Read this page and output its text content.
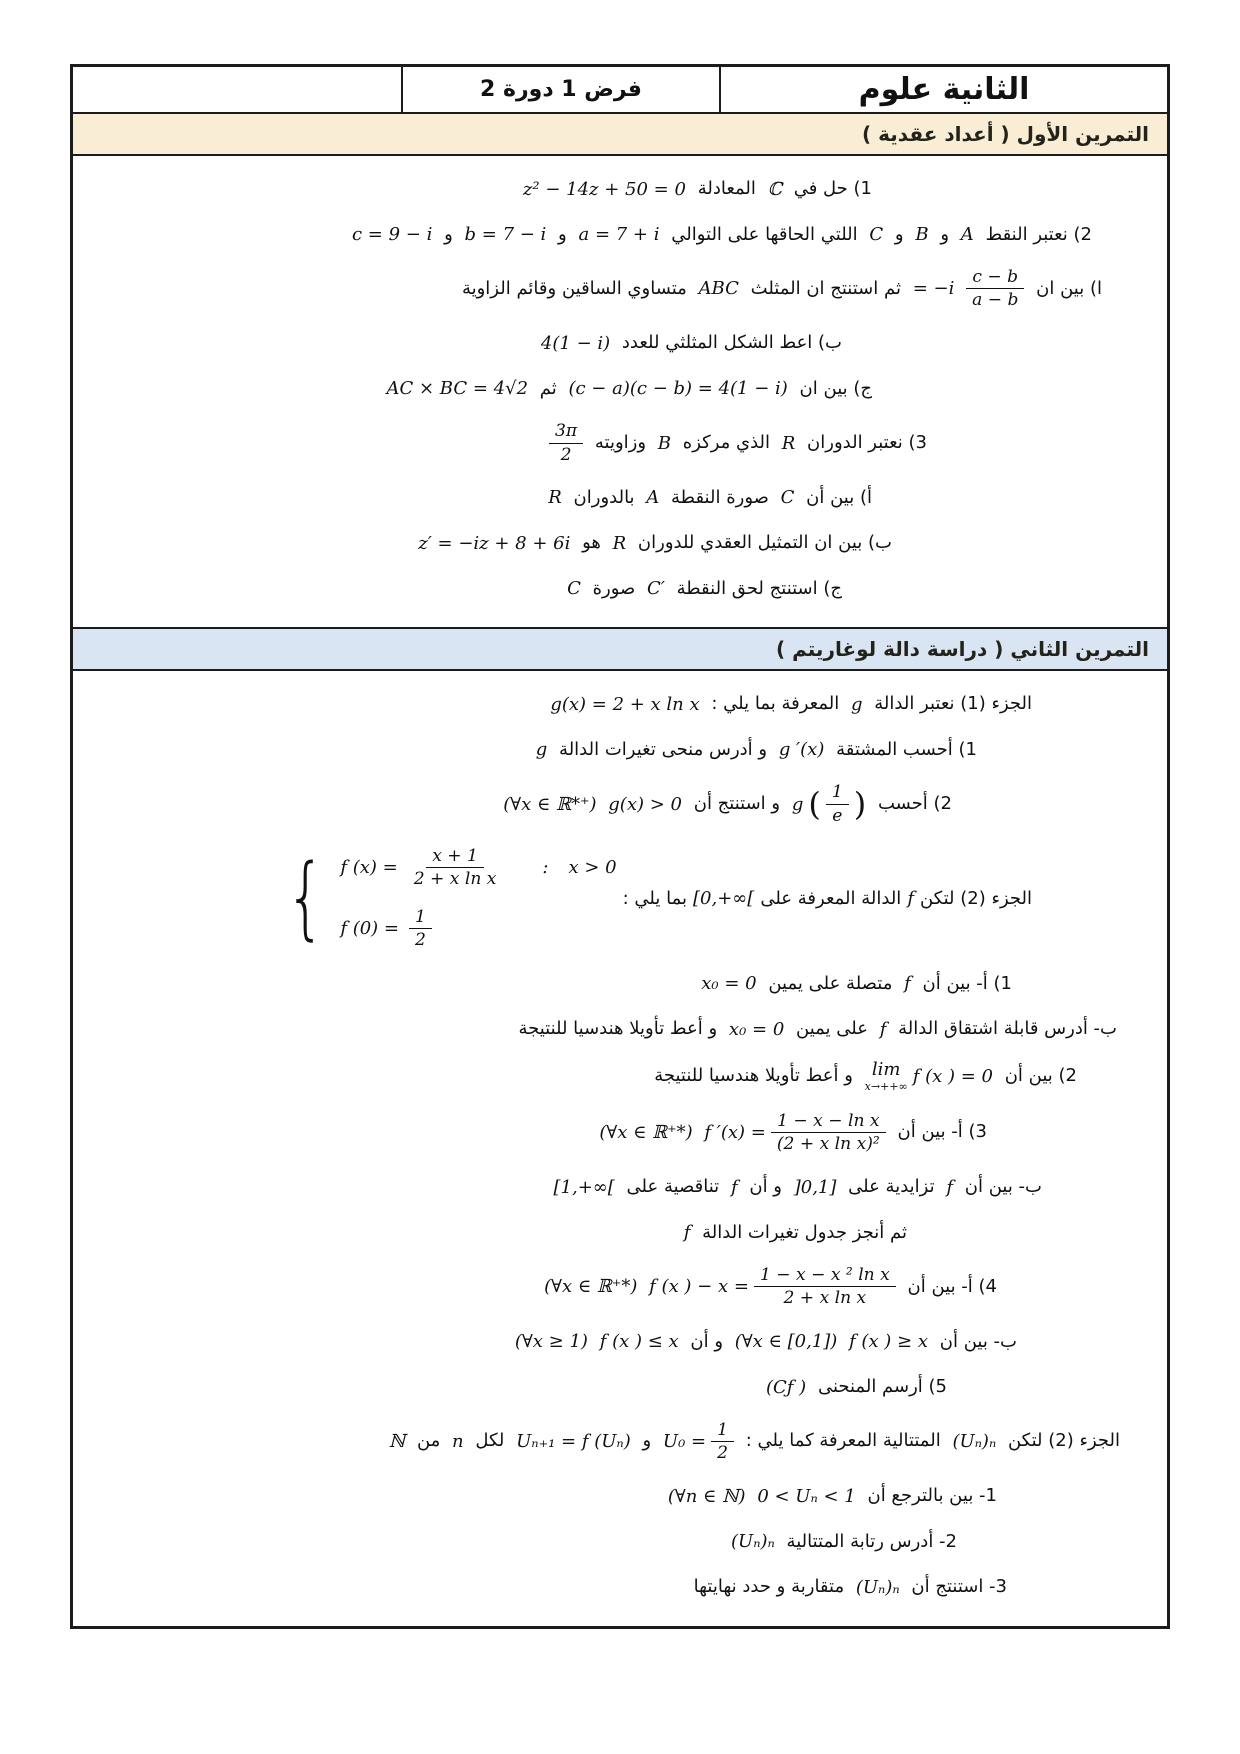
الثانية علوم
فرض 1 دورة 2
التمرين الأول ( أعداد عقدية )
1) حل في ℂ المعادلة z² − 14z + 50 = 0
2) نعتبر النقط A و B و C اللتي الحاقها على التوالي a = 7 + i و b = 7 − i و c = 9 − i
ا) بين ان
$\frac{c - b}{a - b}$
= −i ثم استنتج ان المثلث ABC متساوي الساقين وقائم الزاوية
ب) اعط الشكل المثلثي للعدد 4(1 − i)
ج) بين ان (c − a)(c − b) = 4(1 − i) ثم AC × BC = 4√2
3) نعتبر الدوران R الذي مركزه B وزاويته
$\frac{3\pi}{2}$
أ) بين أن C صورة النقطة A بالدوران R
ب) بين ان التمثيل العقدي للدوران R هو z′ = −iz + 8 + 6i
ج) استنتج لحق النقطة C′ صورة C
التمرين الثاني ( دراسة دالة لوغاريتم )
الجزء (1) نعتبر الدالة g المعرفة بما يلي : g(x) = 2 + x ln x
1) أحسب المشتقة g ′(x) و أدرس منحى تغيرات الدالة g
2) أحسب
g ( $\frac{1}{e}$ )
و استنتج أن g(x) > 0 (∀x ∈ ℝ*⁺)
الجزء (2) لتكن
f
الدالة المعرفة على
[0,+∞[
بما يلي :
{ f $(x) = \frac{x + 1}{\text{2 + x ln x}}$ : x > 0
f $(0) = \frac{1}{2}$
1) أ- بين أن f متصلة على يمين x₀ = 0
ب- أدرس قابلة اشتقاق الدالة f على يمين x₀ = 0 و أعط تأويلا هندسيا للنتيجة
2) بين أن
lim
x→++∞ f (x ) = 0
و أعط تأويلا هندسيا للنتيجة
3) أ- بين أن
f $'(x) = \frac{\text{1 − x − ln x}}{\text{(2 + x ln x)²}}$
(∀x ∈ ℝ⁺*)
ب- بين أن f تزايدية على ]0,1] و أن f تناقصية على [1,+∞[
ثم أنجز جدول تغيرات الدالة f
4) أ- بين أن
f (x ) − $x = \frac{\text{1 − x − x ² ln x}}{\text{2 + x ln x}}$
(∀x ∈ ℝ⁺*)
ب- بين أن f (x ) ≥ x (∀x ∈ [0,1]) و أن f (x ) ≤ x (∀x ≥ 1)
5) أرسم المنحنى (Cƒ )
الجزء (2) لتكن (Uₙ)ₙ المتتالية المعرفة كما يلي :
$U_0 = \frac{1}{2}$
و Uₙ₊₁ = f (Uₙ) لكل n من ℕ
1- بين بالترجع أن 0 < Uₙ < 1 (∀n ∈ ℕ)
2- أدرس رتابة المتتالية (Uₙ)ₙ
3- استنتج أن (Uₙ)ₙ متقاربة و حدد نهايتها
